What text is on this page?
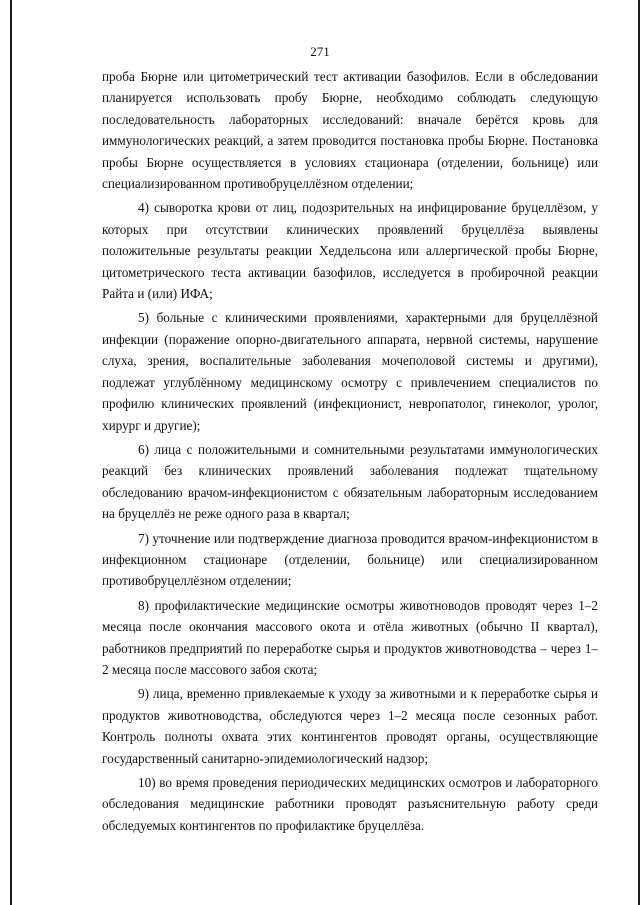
271

проба Бюрне или цитометрический тест активации базофилов. Если в обследовании планируется использовать пробу Бюрне, необходимо соблюдать следующую последовательность лабораторных исследований: вначале берётся кровь для иммунологических реакций, а затем проводится постановка пробы Бюрне. Постановка пробы Бюрне осуществляется в условиях стационара (отделении, больнице) или специализированном противобруцеллёзном отделении;

4) сыворотка крови от лиц, подозрительных на инфицирование бруцеллёзом, у которых при отсутствии клинических проявлений бруцеллёза выявлены положительные результаты реакции Хеддельсона или аллергической пробы Бюрне, цитометрического теста активации базофилов, исследуется в пробирочной реакции Райта и (или) ИФА;

5) больные с клиническими проявлениями, характерными для бруцеллёзной инфекции (поражение опорно-двигательного аппарата, нервной системы, нарушение слуха, зрения, воспалительные заболевания мочеполовой системы и другими), подлежат углублённому медицинскому осмотру с привлечением специалистов по профилю клинических проявлений (инфекционист, невропатолог, гинеколог, уролог, хирург и другие);

6) лица с положительными и сомнительными результатами иммунологических реакций без клинических проявлений заболевания подлежат тщательному обследованию врачом-инфекционистом с обязательным лабораторным исследованием на бруцеллёз не реже одного раза в квартал;

7) уточнение или подтверждение диагноза проводится врачом-инфекционистом в инфекционном стационаре (отделении, больнице) или специализированном противобруцеллёзном отделении;

8) профилактические медицинские осмотры животноводов проводят через 1–2 месяца после окончания массового окота и отёла животных (обычно II квартал), работников предприятий по переработке сырья и продуктов животноводства – через 1–2 месяца после массового забоя скота;

9) лица, временно привлекаемые к уходу за животными и к переработке сырья и продуктов животноводства, обследуются через 1–2 месяца после сезонных работ. Контроль полноты охвата этих контингентов проводят органы, осуществляющие государственный санитарно-эпидемиологический надзор;

10) во время проведения периодических медицинских осмотров и лабораторного обследования медицинские работники проводят разъяснительную работу среди обследуемых контингентов по профилактике бруцеллёза.
